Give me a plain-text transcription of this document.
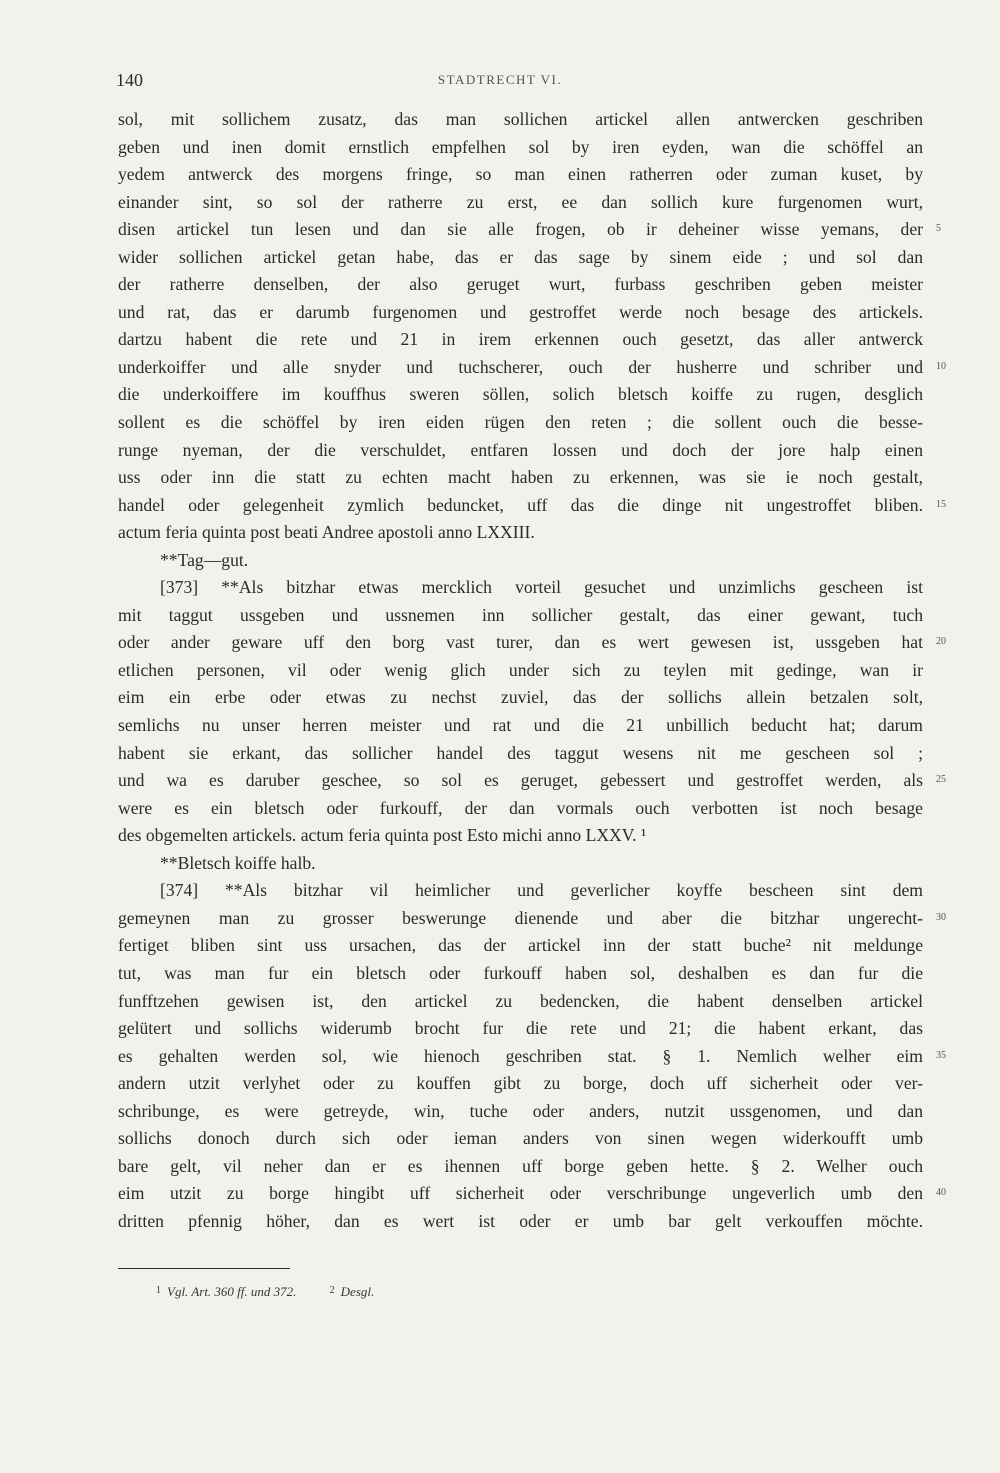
140	STADTRECHT VI.
sol, mit sollichem zusatz, das man sollichen artickel allen antwercken geschriben
geben und inen domit ernstlich empfelhen sol by iren eyden, wan die schöffel an
yedem antwerck des morgens fringe, so man einen ratherren oder zuman kuset, by
einander sint, so sol der ratherre zu erst, ee dan sollich kure furgenomen wurt,
disen artickel tun lesen und dan sie alle frogen, ob ir deheiner wisse yemans, der
wider sollichen artickel getan habe, das er das sage by sinem eide ; und sol dan
der ratherre denselben, der also geruget wurt, furbass geschriben geben meister
und rat, das er darumb furgenomen und gestroffet werde noch besage des artickels.
dartzu habent die rete und 21 in irem erkennen ouch gesetzt, das aller antwerck
underkoiffer und alle snyder und tuchscherer, ouch der husherre und schriber und
die underkoiffere im kouffhus sweren söllen, solich bletsch koiffe zu rugen, desglich
sollent es die schöffel by iren eiden rügen den reten ; die sollent ouch die besse-
runge nyeman, der die verschuldet, entfaren lossen und doch der jore halp einen
uss oder inn die statt zu echten macht haben zu erkennen, was sie ie noch gestalt,
handel oder gelegenheit zymlich beduncket, uff das die dinge nit ungestroffet bliben.
actum feria quinta post beati Andree apostoli anno LXXIII.
**Tag—gut.
[373] **Als bitzhar etwas mercklich vorteil gesuchet und unzimlichs gescheen ist
mit taggut ussgeben und ussnemen inn sollicher gestalt, das einer gewant, tuch
oder ander geware uff den borg vast turer, dan es wert gewesen ist, ussgeben hat
etlichen personen, vil oder wenig glich under sich zu teylen mit gedinge, wan ir
eim ein erbe oder etwas zu nechst zuviel, das der sollichs allein betzalen solt,
semlichs nu unser herren meister und rat und die 21 unbillich beducht hat; darum
habent sie erkant, das sollicher handel des taggut wesens nit me gescheen sol ;
und wa es daruber geschee, so sol es geruget, gebessert und gestroffet werden, als
were es ein bletsch oder furkouff, der dan vormals ouch verbotten ist noch besage
des obgemelten artickels. actum feria quinta post Esto michi anno LXXV. ¹
**Bletsch koiffe halb.
[374] **Als bitzhar vil heimlicher und geverlicher koyffe bescheen sint dem
gemeynen man zu grosser beswerunge dienende und aber die bitzhar ungerecht-
fertiget bliben sint uss ursachen, das der artickel inn der statt buche² nit meldunge
tut, was man fur ein bletsch oder furkouff haben sol, deshalben es dan fur die
funfftzehen gewisen ist, den artickel zu bedencken, die habent denselben artickel
gelütert und sollichs widerumb brocht fur die rete und 21; die habent erkant, das
es gehalten werden sol, wie hienoch geschriben stat. § 1. Nemlich welher eim
andern utzit verlyhet oder zu kouffen gibt zu borge, doch uff sicherheit oder ver-
schribunge, es were getreyde, win, tuche oder anders, nutzit ussgenomen, und dan
sollichs donoch durch sich oder ieman anders von sinen wegen widerkoufft umb
bare gelt, vil neher dan er es ihennen uff borge geben hette. § 2. Welher ouch
eim utzit zu borge hingibt uff sicherheit oder verschribunge ungeverlich umb den
dritten pfennig höher, dan es wert ist oder er umb bar gelt verkouffen möchte.
5
10
15
20
25
30
35
40
$^1$ Vgl. Art. 360 ff. und 372.	$^2$ Desgl.
